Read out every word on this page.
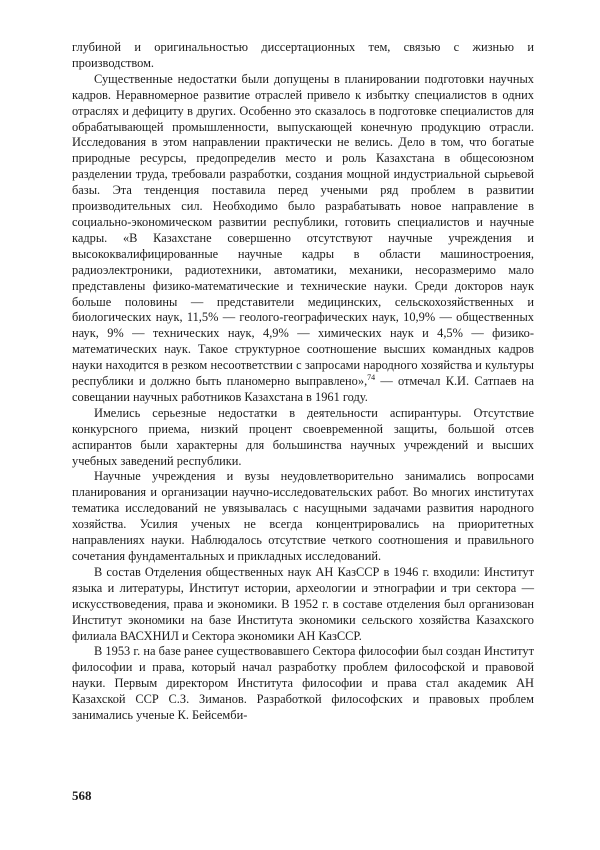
глубиной и оригинальностью диссертационных тем, связью с жизнью и производством.

Существенные недостатки были допущены в планировании подготовки научных кадров. Неравномерное развитие отраслей привело к избытку специалистов в одних отраслях и дефициту в других. Особенно это сказалось в подготовке специалистов для обрабатывающей промышленности, выпускающей конечную продукцию отрасли. Исследования в этом направлении практически не велись. Дело в том, что богатые природные ресурсы, предопределив место и роль Казахстана в общесоюзном разделении труда, требовали разработки, создания мощной индустриальной сырьевой базы. Эта тенденция поставила перед учеными ряд проблем в развитии производительных сил. Необходимо было разрабатывать новое направление в социально-экономическом развитии республики, готовить специалистов и научные кадры. «В Казахстане совершенно отсутствуют научные учреждения и высококвалифицированные научные кадры в области машиностроения, радиоэлектроники, радиотехники, автоматики, механики, несоразмеримо мало представлены физико-математические и технические науки. Среди докторов наук больше половины — представители медицинских, сельскохозяйственных и биологических наук, 11,5% — геолого-географических наук, 10,9% — общественных наук, 9% — технических наук, 4,9% — химических наук и 4,5% — физико-математических наук. Такое структурное соотношение высших командных кадров науки находится в резком несоответствии с запросами народного хозяйства и культуры республики и должно быть планомерно выправлено»,$^{74}$ — отмечал К.И. Сатпаев на совещании научных работников Казахстана в 1961 году.

Имелись серьезные недостатки в деятельности аспирантуры. Отсутствие конкурсного приема, низкий процент своевременной защиты, большой отсев аспирантов были характерны для большинства научных учреждений и высших учебных заведений республики.

Научные учреждения и вузы неудовлетворительно занимались вопросами планирования и организации научно-исследовательских работ. Во многих институтах тематика исследований не увязывалась с насущными задачами развития народного хозяйства. Усилия ученых не всегда концентрировались на приоритетных направлениях науки. Наблюдалось отсутствие четкого соотношения и правильного сочетания фундаментальных и прикладных исследований.

В состав Отделения общественных наук АН КазССР в 1946 г. входили: Институт языка и литературы, Институт истории, археологии и этнографии и три сектора — искусствоведения, права и экономики. В 1952 г. в составе отделения был организован Институт экономики на базе Института экономики сельского хозяйства Казахского филиала ВАСХНИЛ и Сектора экономики АН КазССР.

В 1953 г. на базе ранее существовавшего Сектора философии был создан Институт философии и права, который начал разработку проблем философской и правовой науки. Первым директором Института философии и права стал академик АН Казахской ССР С.З. Зиманов. Разработкой философских и правовых проблем занимались ученые К. Бейсемби-

568
